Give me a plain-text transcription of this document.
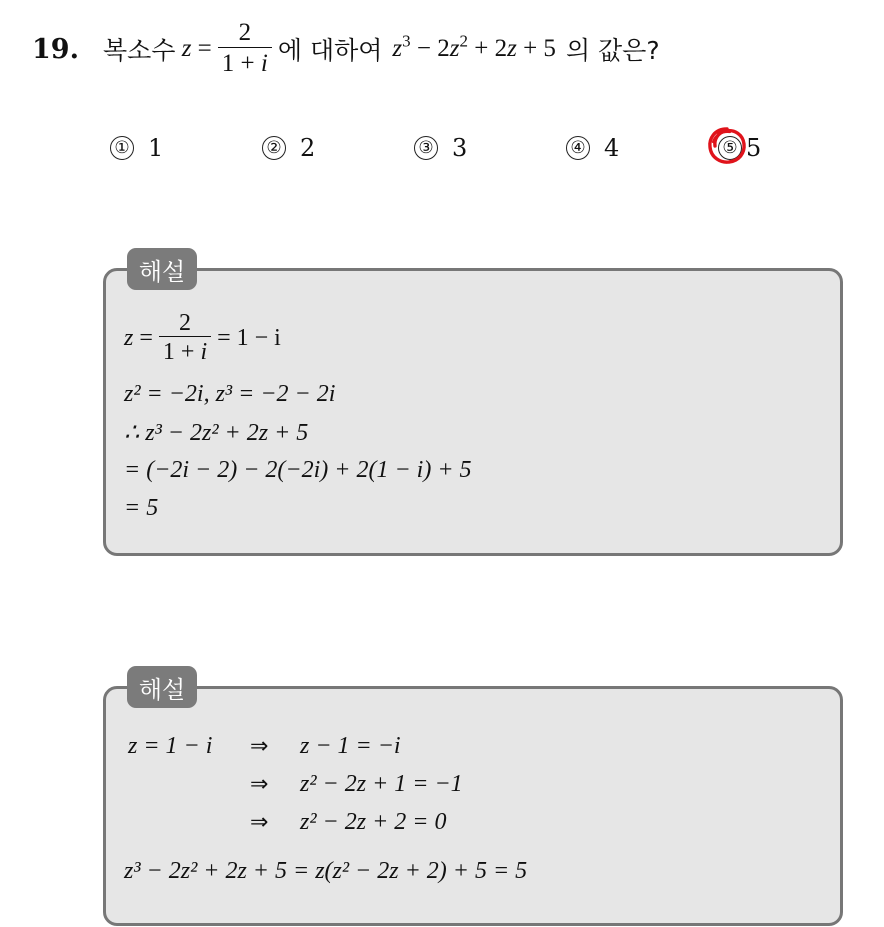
19. 복소수 $z = \frac{2}{1 + i}$ 에 대하여 $z^3 - 2z^2 + 2z + 5$ 의 값은?
① 1	② 2	③ 3	④ 4	⑤ 5
해설
$z = \frac{2}{1 + i} = 1 - i$
z² = −2i, z³ = −2 − 2i
∴ z³ − 2z² + 2z + 5
= (−2i − 2) − 2(−2i) + 2(1 − i) + 5
= 5
해설
z = 1 − i ⇒ z − 1 = −i
⇒ z² − 2z + 1 = −1
⇒ z² − 2z + 2 = 0
z³ − 2z² + 2z + 5 = z(z² − 2z + 2) + 5 = 5
